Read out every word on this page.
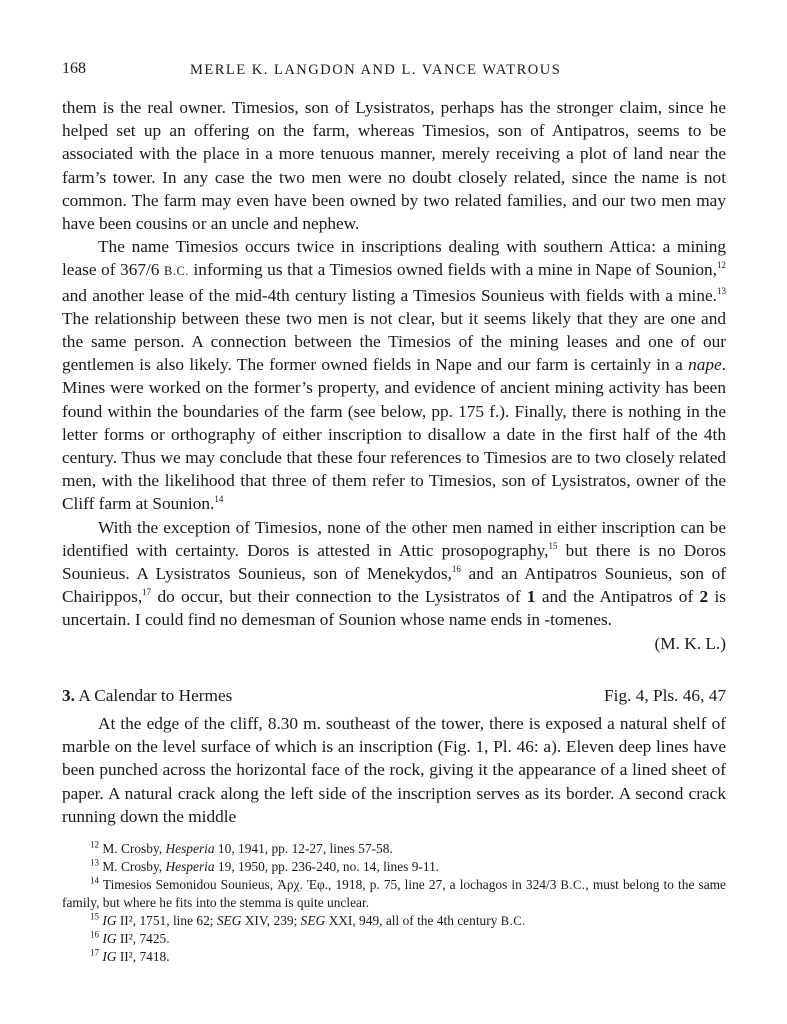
168	MERLE K. LANGDON AND L. VANCE WATROUS

them is the real owner. Timesios, son of Lysistratos, perhaps has the stronger claim, since he helped set up an offering on the farm, whereas Timesios, son of Antipatros, seems to be associated with the place in a more tenuous manner, merely receiving a plot of land near the farm’s tower. In any case the two men were no doubt closely related, since the name is not common. The farm may even have been owned by two related families, and our two men may have been cousins or an uncle and nephew.

The name Timesios occurs twice in inscriptions dealing with southern Attica: a mining lease of 367/6 B.C. informing us that a Timesios owned fields with a mine in Nape of Sounion,$^{12}$ and another lease of the mid-4th century listing a Timesios Sounieus with fields with a mine.$^{13}$ The relationship between these two men is not clear, but it seems likely that they are one and the same person. A connection between the Timesios of the mining leases and one of our gentlemen is also likely. The former owned fields in Nape and our farm is certainly in a nape. Mines were worked on the former’s property, and evidence of ancient mining activity has been found within the boundaries of the farm (see below, pp. 175 f.). Finally, there is nothing in the letter forms or orthography of either inscription to disallow a date in the first half of the 4th century. Thus we may conclude that these four references to Timesios are to two closely related men, with the likelihood that three of them refer to Timesios, son of Lysistratos, owner of the Cliff farm at Sounion.$^{14}$

With the exception of Timesios, none of the other men named in either inscription can be identified with certainty. Doros is attested in Attic prosopography,$^{15}$ but there is no Doros Sounieus. A Lysistratos Sounieus, son of Menekydos,$^{16}$ and an Antipatros Sounieus, son of Chairippos,$^{17}$ do occur, but their connection to the Lysistratos of 1 and the Antipatros of 2 is uncertain. I could find no demesman of Sounion whose name ends in -tomenes.

(M. K. L.)

3. A Calendar to Hermes	Fig. 4, Pls. 46, 47

At the edge of the cliff, 8.30 m. southeast of the tower, there is exposed a natural shelf of marble on the level surface of which is an inscription (Fig. 1, Pl. 46: a). Eleven deep lines have been punched across the horizontal face of the rock, giving it the appearance of a lined sheet of paper. A natural crack along the left side of the inscription serves as its border. A second crack running down the middle

$^{12}$ M. Crosby, Hesperia 10, 1941, pp. 12-27, lines 57-58.

$^{13}$ M. Crosby, Hesperia 19, 1950, pp. 236-240, no. 14, lines 9-11.

$^{14}$ Timesios Semonidou Sounieus, Ἀρχ. Ἐφ., 1918, p. 75, line 27, a lochagos in 324/3 B.C., must belong to the same family, but where he fits into the stemma is quite unclear.

$^{15}$ IG II², 1751, line 62; SEG XIV, 239; SEG XXI, 949, all of the 4th century B.C.

$^{16}$ IG II², 7425.

$^{17}$ IG II², 7418.
